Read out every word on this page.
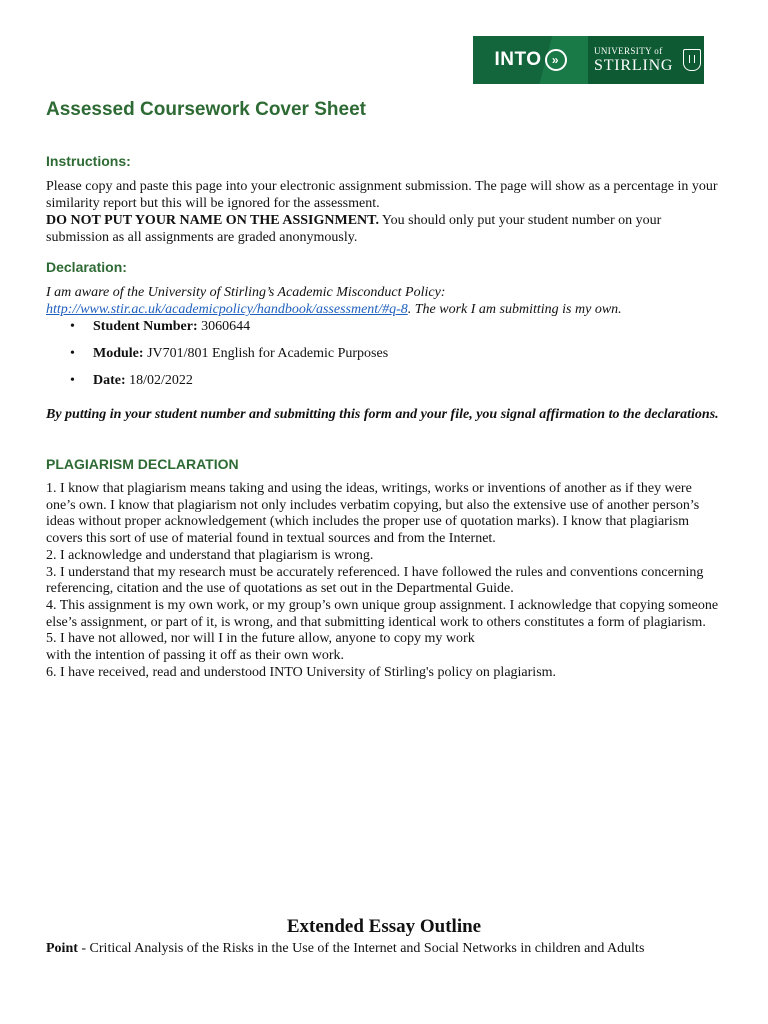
INTO »
UNIVERSITY of
STIRLING
Assessed Coursework Cover Sheet
Instructions:

Please copy and paste this page into your electronic assignment submission. The page will show as a percentage in your similarity report but this will be ignored for the assessment.
DO NOT PUT YOUR NAME ON THE ASSIGNMENT. You should only put your student number on your submission as all assignments are graded anonymously.

Declaration:

I am aware of the University of Stirling’s Academic Misconduct Policy:
http://www.stir.ac.uk/academicpolicy/handbook/assessment/#q-8. The work I am submitting is my own.

• Student Number: 3060644
• Module: JV701/801 English for Academic Purposes
• Date: 18/02/2022

By putting in your student number and submitting this form and your file, you signal affirmation to the declarations.

PLAGIARISM DECLARATION
1. I know that plagiarism means taking and using the ideas, writings, works or inventions of another as if they were one’s own. I know that plagiarism not only includes verbatim copying, but also the extensive use of another person’s ideas without proper acknowledgement (which includes the proper use of quotation marks). I know that plagiarism covers this sort of use of material found in textual sources and from the Internet.
2. I acknowledge and understand that plagiarism is wrong.
3. I understand that my research must be accurately referenced. I have followed the rules and conventions concerning referencing, citation and the use of quotations as set out in the Departmental Guide.
4. This assignment is my own work, or my group’s own unique group assignment. I acknowledge that copying someone else’s assignment, or part of it, is wrong, and that submitting identical work to others constitutes a form of plagiarism.
5. I have not allowed, nor will I in the future allow, anyone to copy my work
with the intention of passing it off as their own work.
6. I have received, read and understood INTO University of Stirling's policy on plagiarism.
Extended Essay Outline

Point - Critical Analysis of the Risks in the Use of the Internet and Social Networks in children and Adults
